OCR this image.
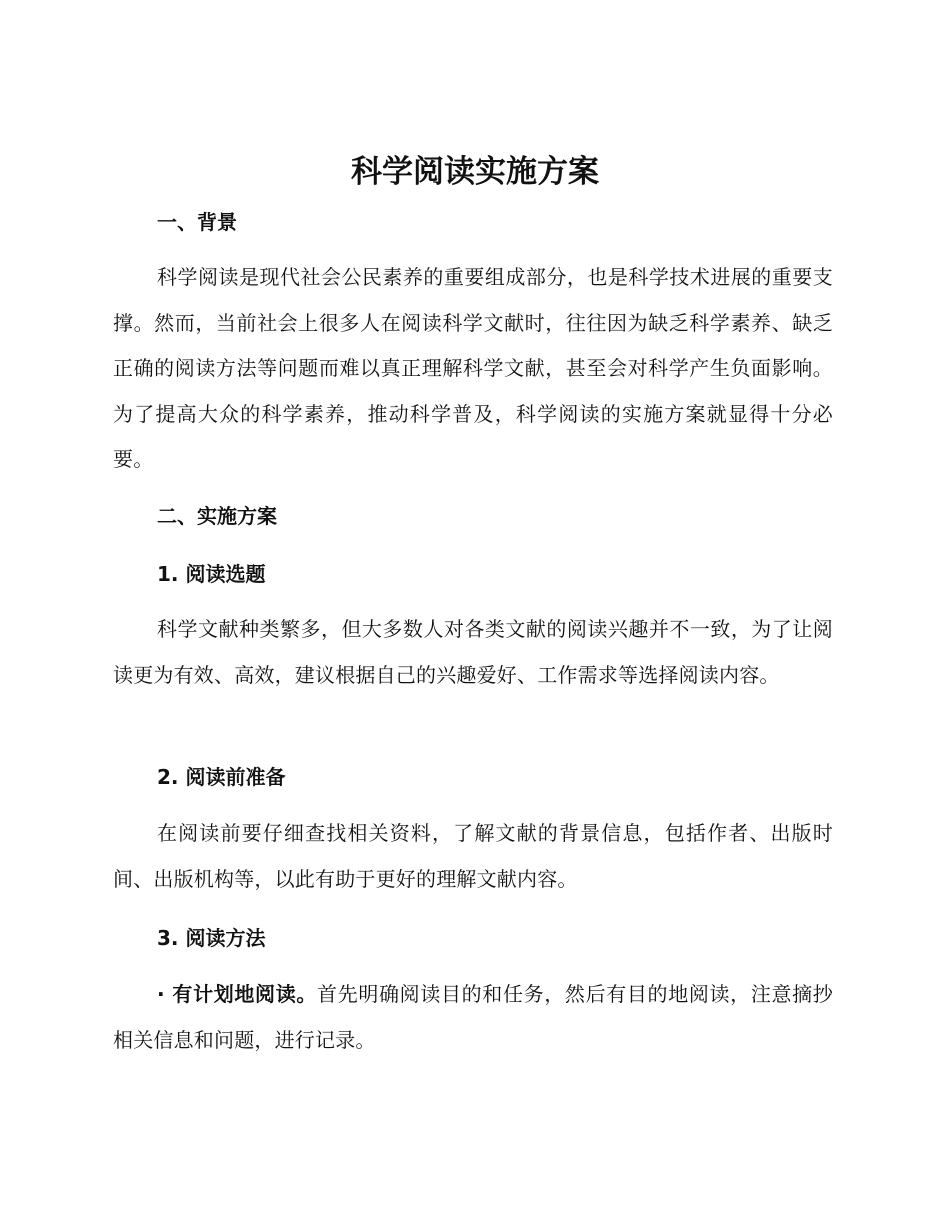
科学阅读实施方案
一、背景

科学阅读是现代社会公民素养的重要组成部分，也是科学技术进展的重要支撑。然而，当前社会上很多人在阅读科学文献时，往往因为缺乏科学素养、缺乏正确的阅读方法等问题而难以真正理解科学文献，甚至会对科学产生负面影响。为了提高大众的科学素养，推动科学普及，科学阅读的实施方案就显得十分必要。

二、实施方案
1. 阅读选题

科学文献种类繁多，但大多数人对各类文献的阅读兴趣并不一致，为了让阅读更为有效、高效，建议根据自己的兴趣爱好、工作需求等选择阅读内容。

2. 阅读前准备

在阅读前要仔细查找相关资料，了解文献的背景信息，包括作者、出版时间、出版机构等，以此有助于更好的理解文献内容。

3. 阅读方法

· 有计划地阅读。首先明确阅读目的和任务，然后有目的地阅读，注意摘抄相关信息和问题，进行记录。
